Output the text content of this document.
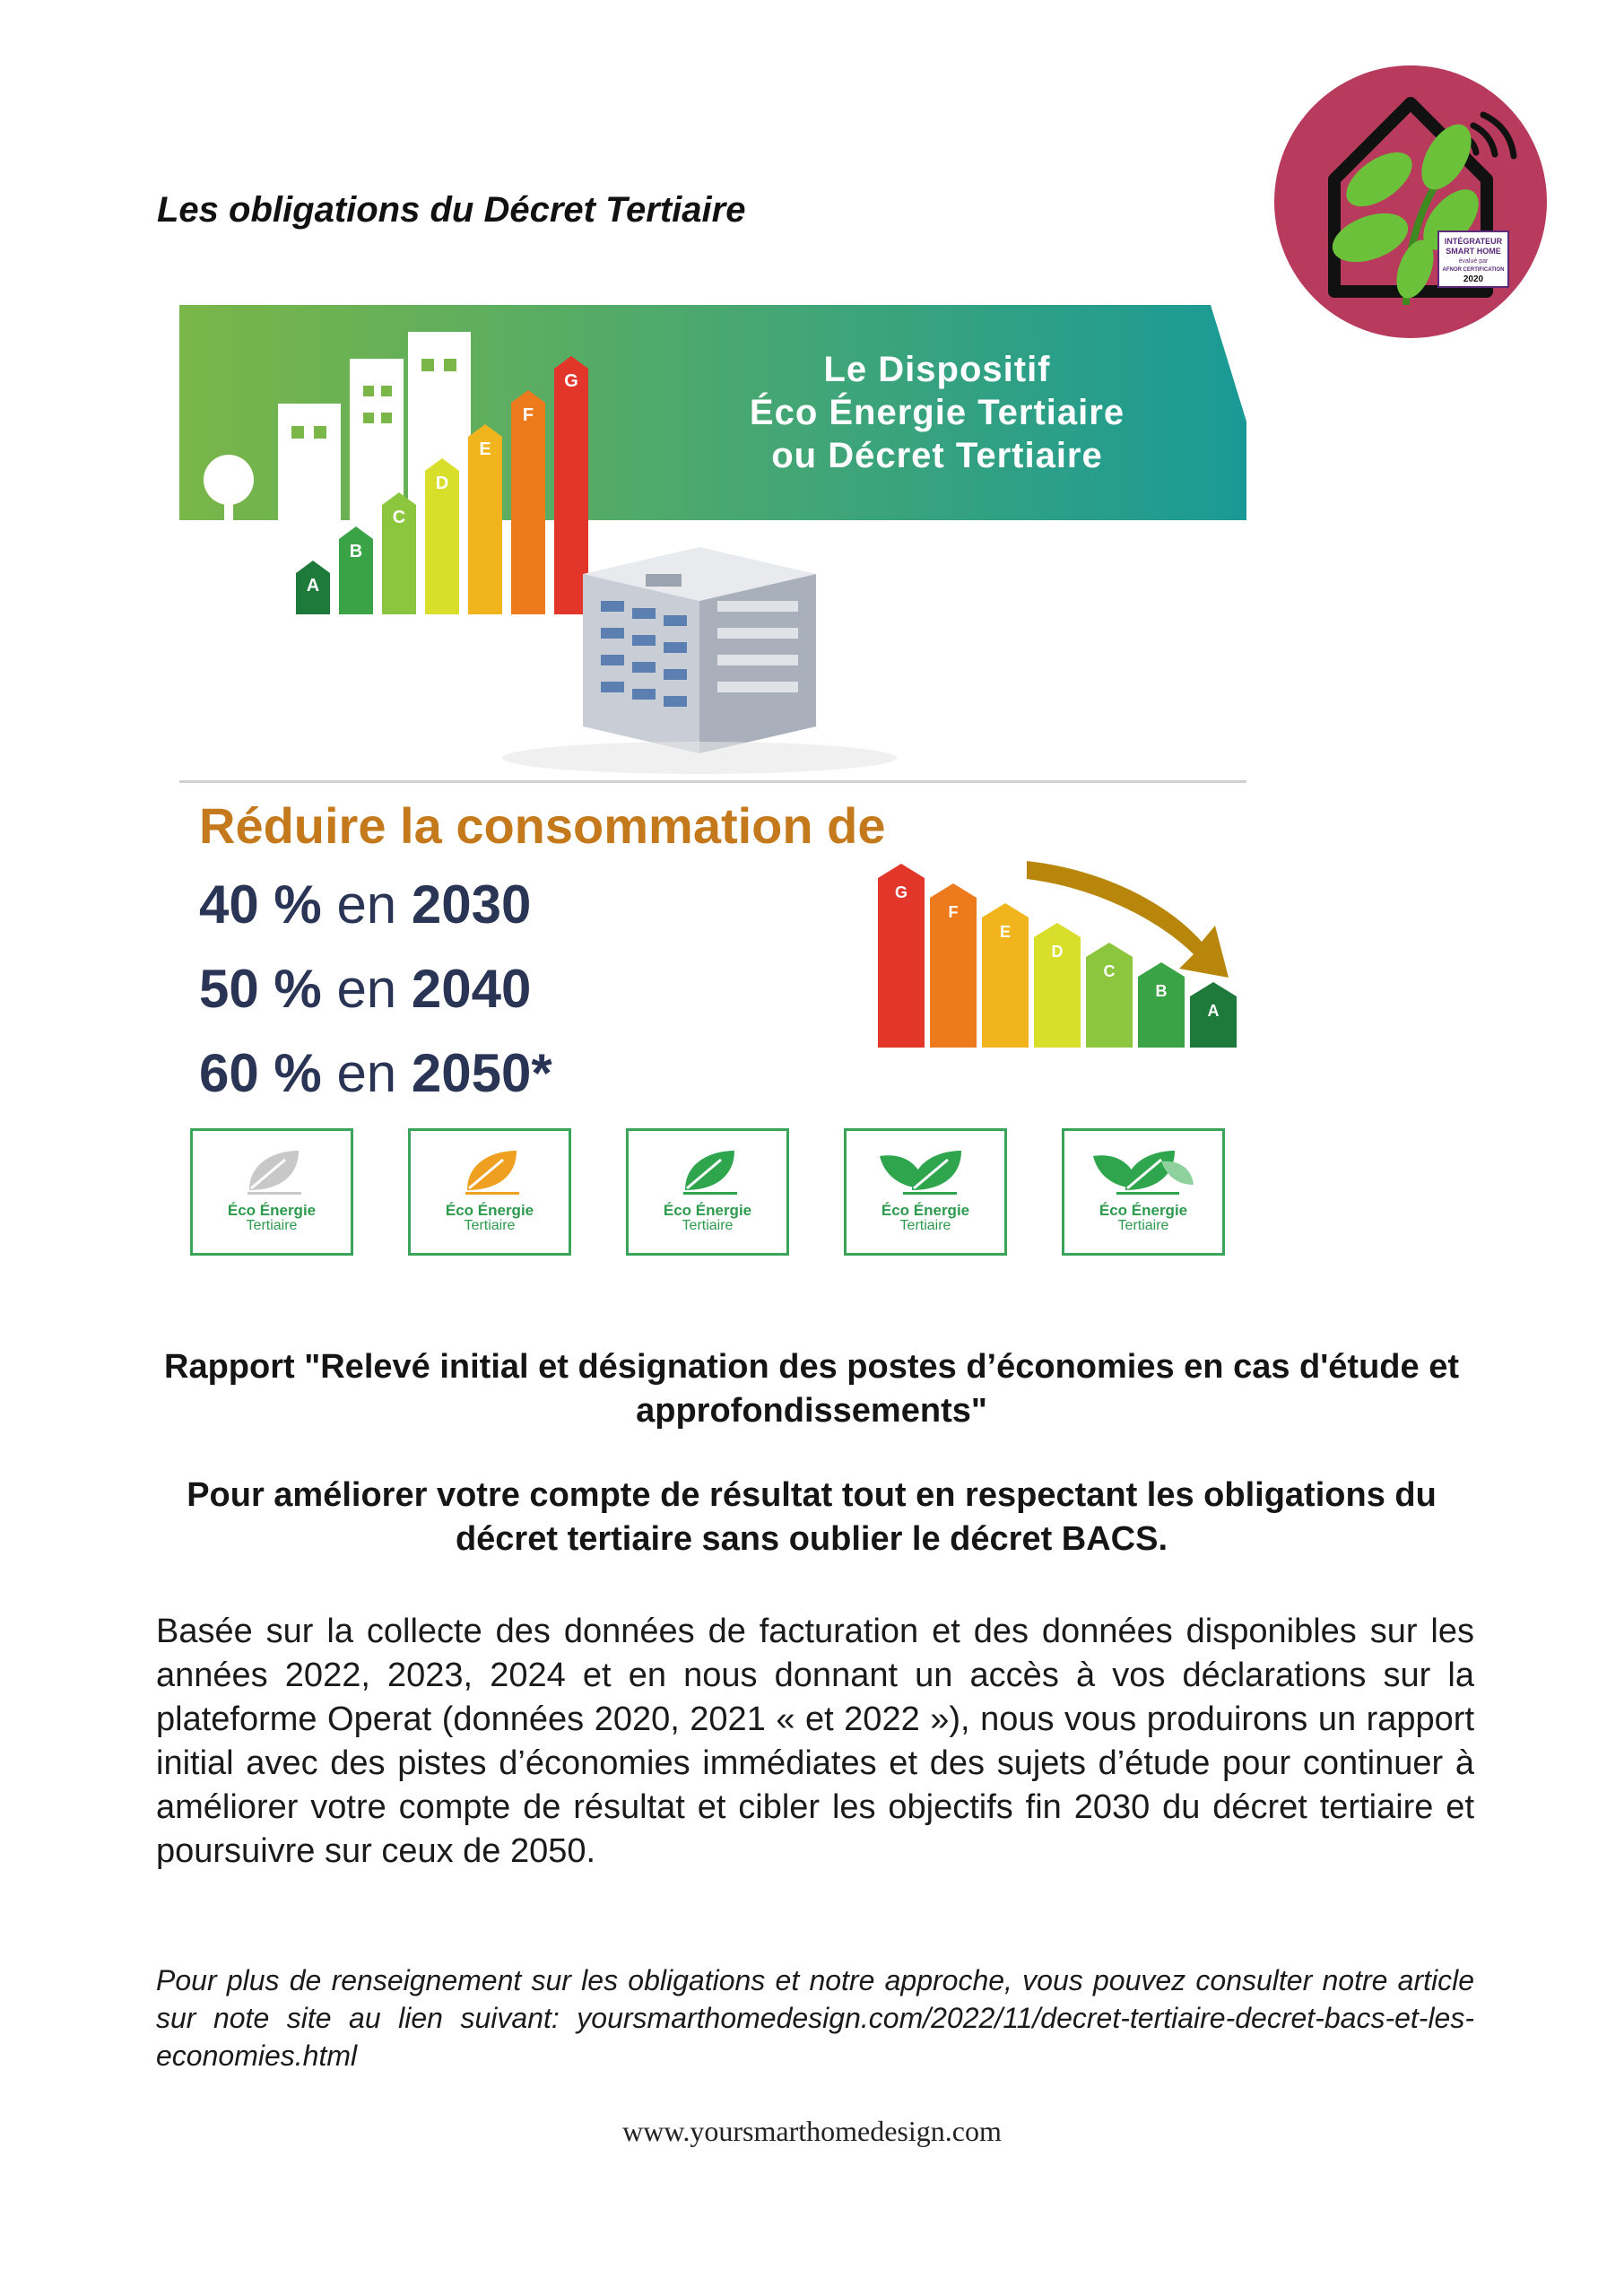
Les obligations du Décret Tertiaire
INTÉGRATEUR
SMART HOME
évalué par
AFNOR CERTIFICATION
2020
A
B
C
D
E
F
G	Le Dispositif
Éco Énergie Tertiaire
ou Décret Tertiaire
Réduire la consommation de
40 % en 2030
50 % en 2040
60 % en 2050*
G
F
E
D
C
B
A
Éco Énergie
Tertiaire
Éco Énergie
Tertiaire
Éco Énergie
Tertiaire
Éco Énergie
Tertiaire
Éco Énergie
Tertiaire
Rapport "Relevé initial et désignation des postes d’économies en cas d'étude et approfondissements"
Pour améliorer votre compte de résultat tout en respectant les obligations du décret tertiaire sans oublier le décret BACS.
Basée sur la collecte des données de facturation et des données disponibles sur les années 2022, 2023, 2024 et en nous donnant un accès à vos déclarations sur la plateforme Operat (données 2020, 2021 « et 2022 »), nous vous produirons un rapport initial avec des pistes d’économies immédiates et des sujets d’étude pour continuer à améliorer votre compte de résultat et cibler les objectifs fin 2030 du décret tertiaire et poursuivre sur ceux de 2050.
Pour plus de renseignement sur les obligations et notre approche, vous pouvez consulter notre article sur note site au lien suivant: yoursmarthomedesign.com/2022/11/decret-tertiaire-decret-bacs-et-les-economies.html
www.yoursmarthomedesign.com
